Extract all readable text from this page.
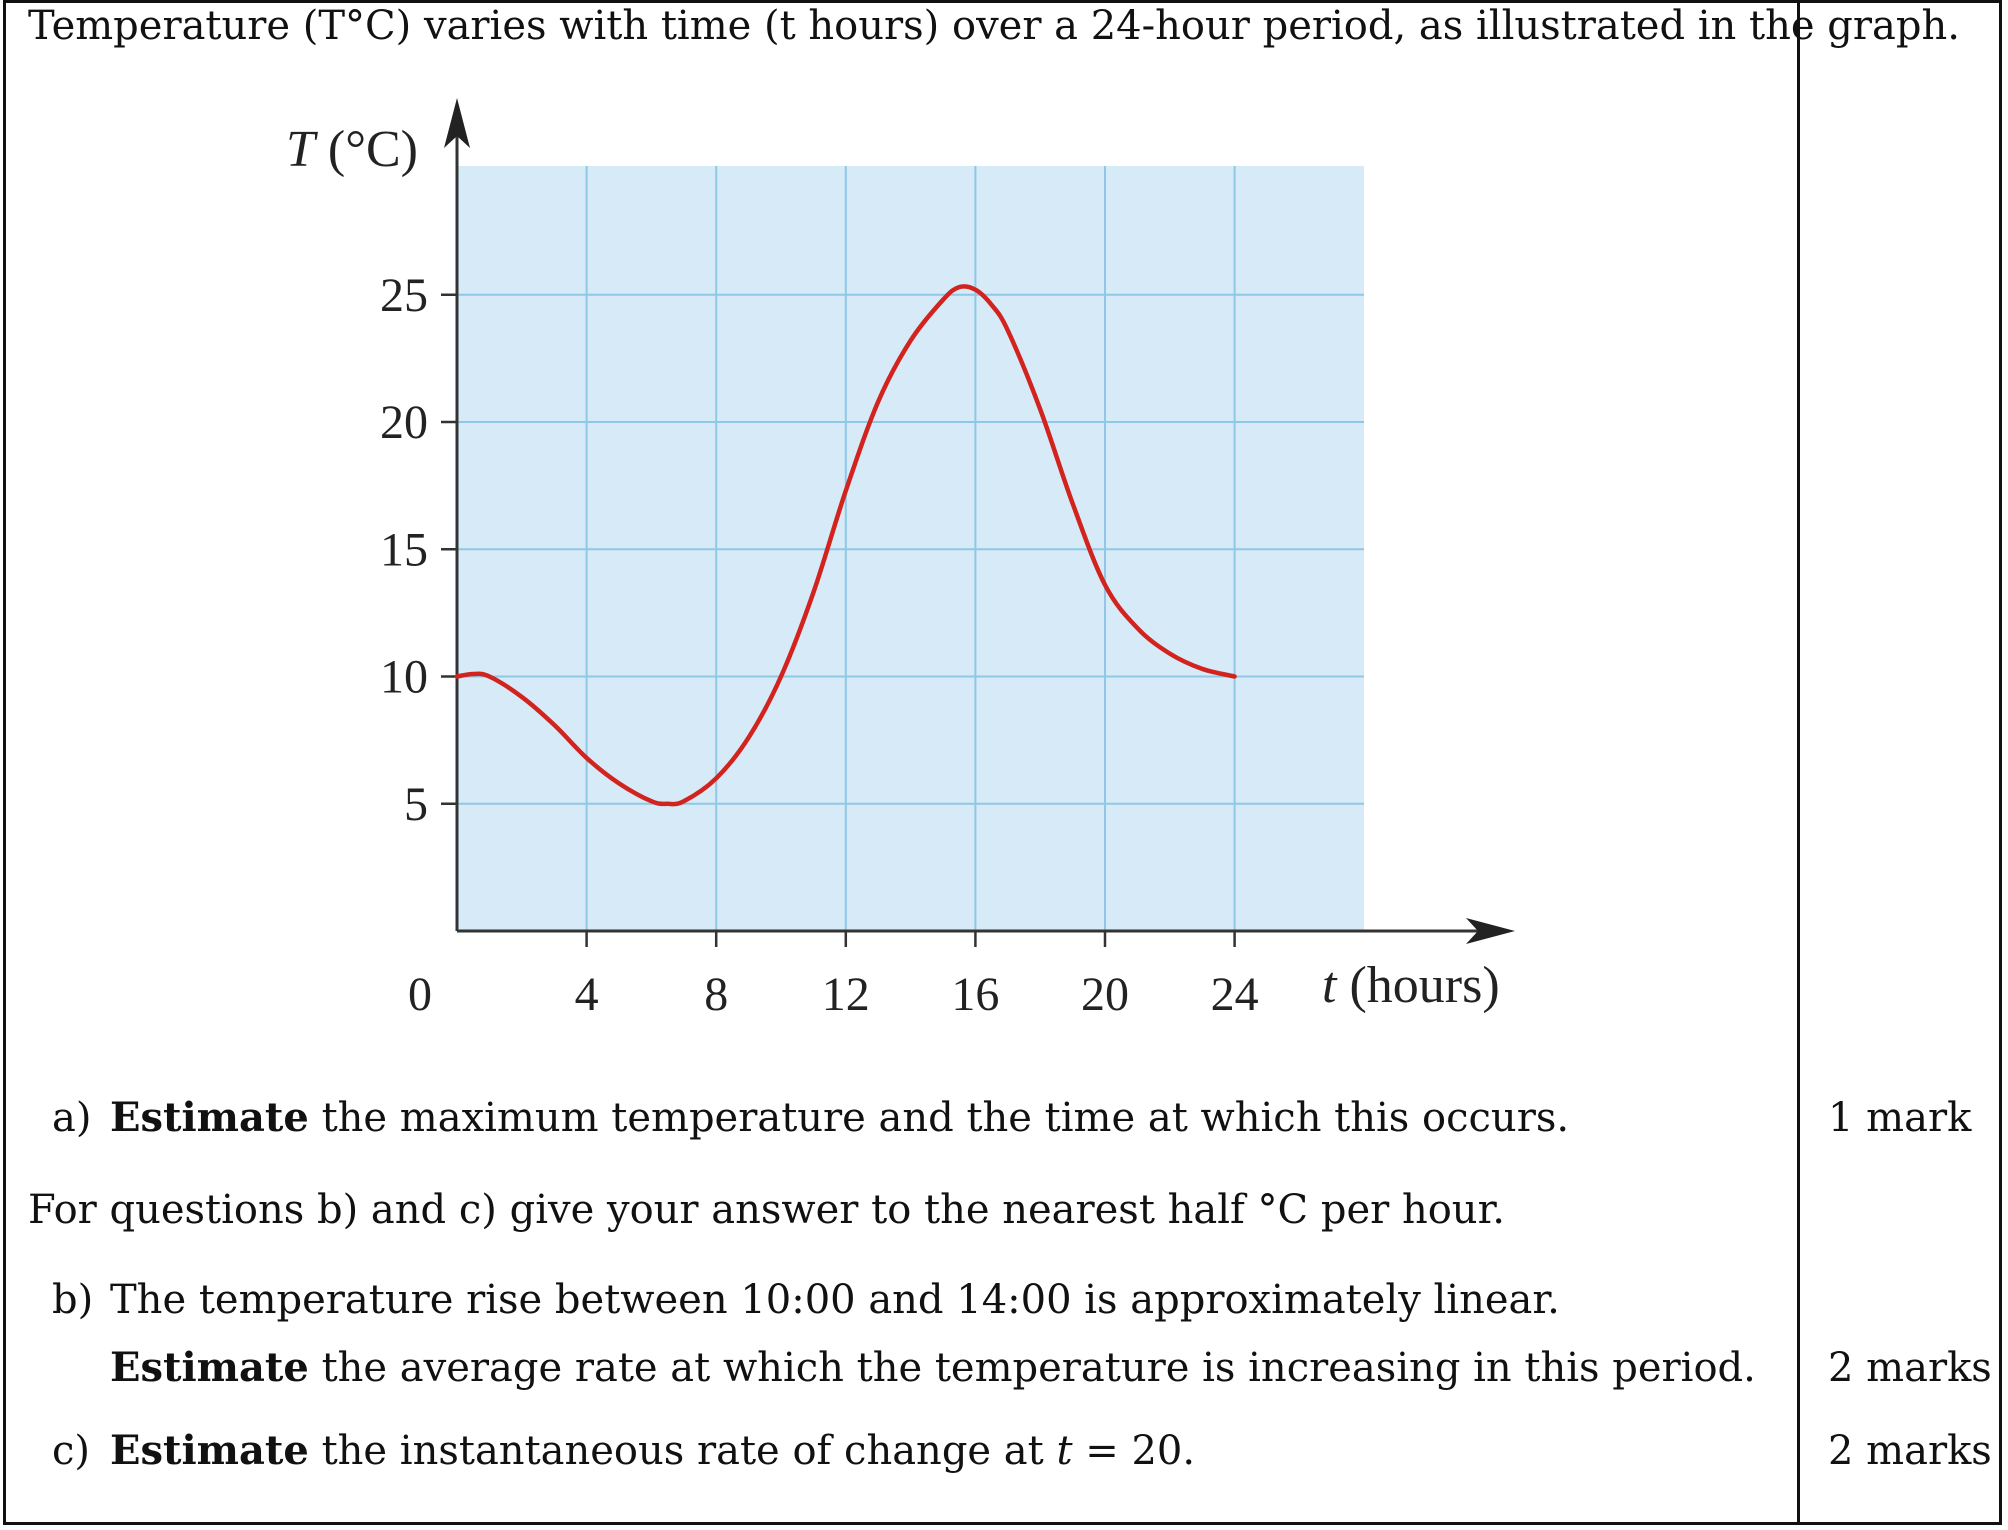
Temperature (T°C) varies with time (t hours) over a 24-hour period, as illustrated in the graph.
4 8 12 16 20 24
0
5
10
15
20
25
T (°C)
t (hours)
a) Estimate the maximum temperature and the time at which this occurs.	1 mark
For questions b) and c) give your answer to the nearest half °C per hour.
b) The temperature rise between 10:00 and 14:00 is approximately linear.
Estimate the average rate at which the temperature is increasing in this period. 2 marks
c) Estimate the instantaneous rate of change at t = 20.	2 marks
